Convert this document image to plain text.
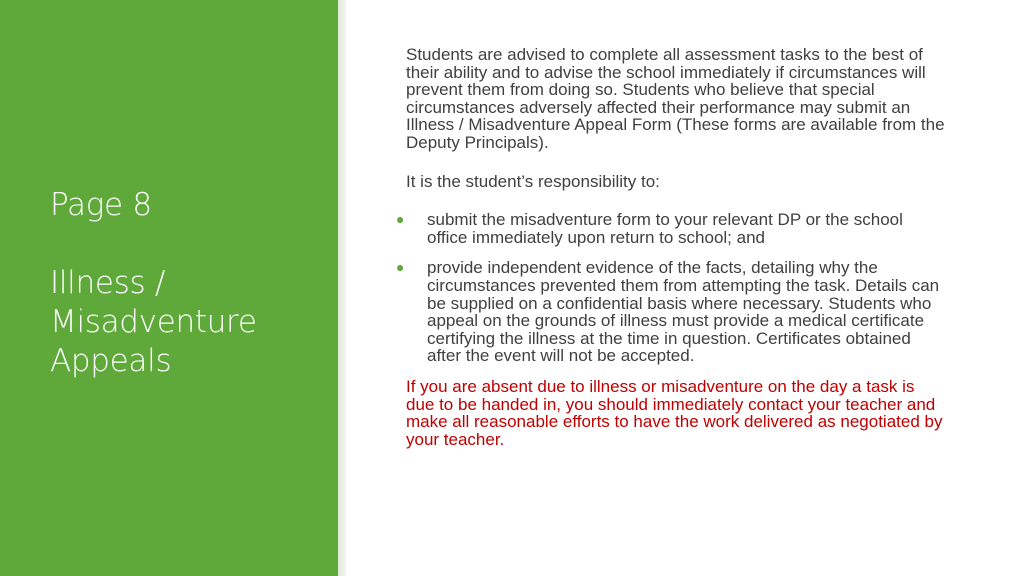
Page 8
Illness /
Misadventure
Appeals

Students are advised to complete all assessment tasks to the best of their ability and to advise the school immediately if circumstances will prevent them from doing so. Students who believe that special circumstances adversely affected their performance may submit an Illness / Misadventure Appeal Form (These forms are available from the Deputy Principals).

It is the student’s responsibility to:

● submit the misadventure form to your relevant DP or the school office immediately upon return to school; and
● provide independent evidence of the facts, detailing why the circumstances prevented them from attempting the task. Details can be supplied on a confidential basis where necessary. Students who appeal on the grounds of illness must provide a medical certificate certifying the illness at the time in question. Certificates obtained after the event will not be accepted.

If you are absent due to illness or misadventure on the day a task is due to be handed in, you should immediately contact your teacher and make all reasonable efforts to have the work delivered as negotiated by your teacher.
